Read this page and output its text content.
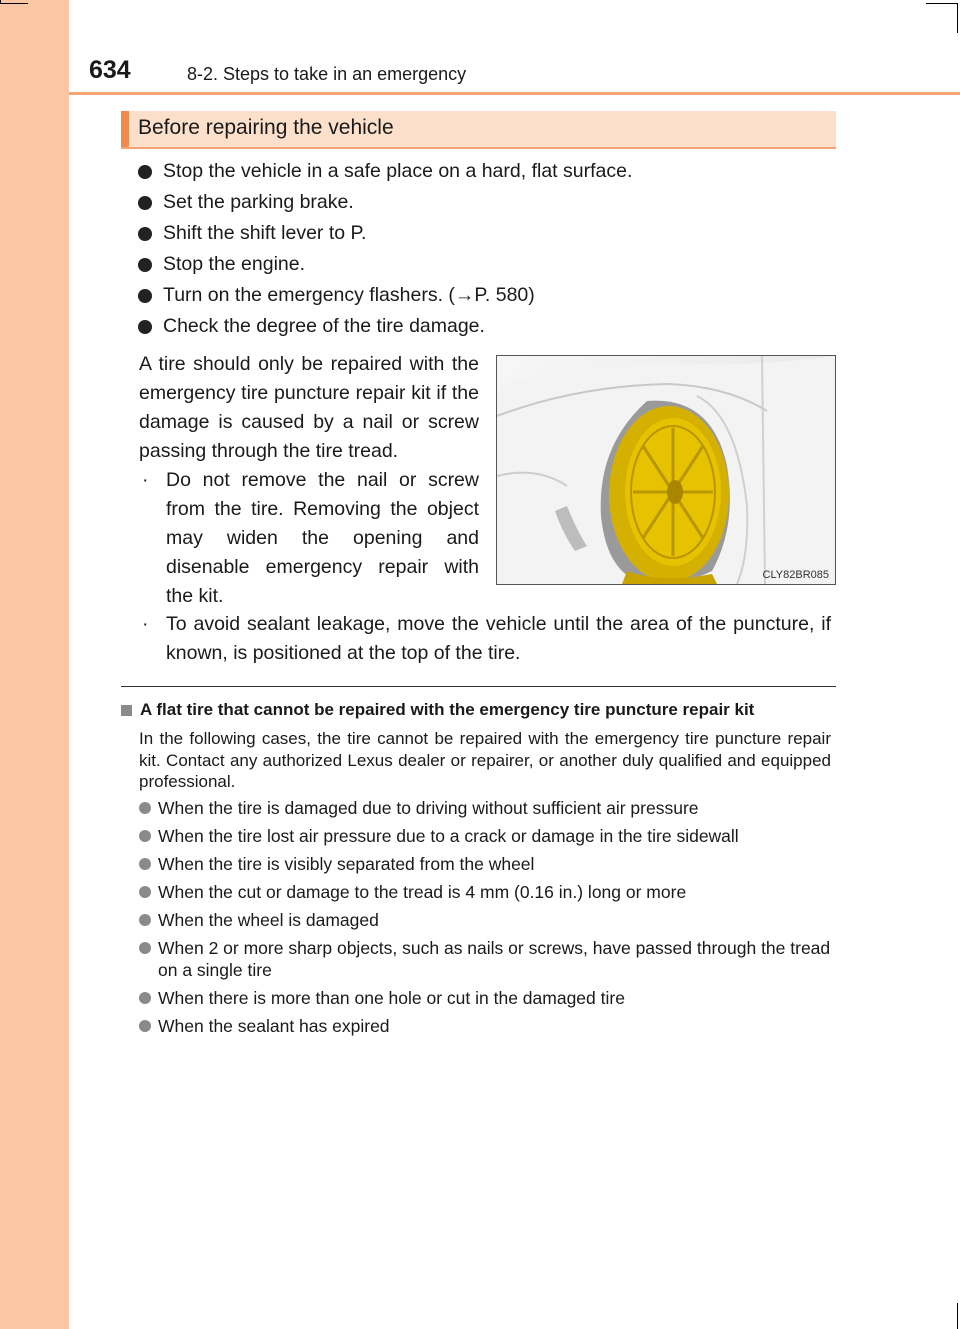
634	8-2. Steps to take in an emergency
Before repairing the vehicle
Stop the vehicle in a safe place on a hard, flat surface.
Set the parking brake.
Shift the shift lever to P.
Stop the engine.
Turn on the emergency flashers. (→P. 580)
Check the degree of the tire damage.
A tire should only be repaired with the emergency tire puncture repair kit if the damage is caused by a nail or screw passing through the tire tread.
· Do not remove the nail or screw from the tire. Removing the object may widen the opening and disenable emergency repair with the kit.
· To avoid sealant leakage, move the vehicle until the area of the puncture, if known, is positioned at the top of the tire.
CLY82BR085
A flat tire that cannot be repaired with the emergency tire puncture repair kit
In the following cases, the tire cannot be repaired with the emergency tire puncture repair kit. Contact any authorized Lexus dealer or repairer, or another duly qualified and equipped professional.
When the tire is damaged due to driving without sufficient air pressure
When the tire lost air pressure due to a crack or damage in the tire sidewall
When the tire is visibly separated from the wheel
When the cut or damage to the tread is 4 mm (0.16 in.) long or more
When the wheel is damaged
When 2 or more sharp objects, such as nails or screws, have passed through the tread on a single tire
When there is more than one hole or cut in the damaged tire
When the sealant has expired
